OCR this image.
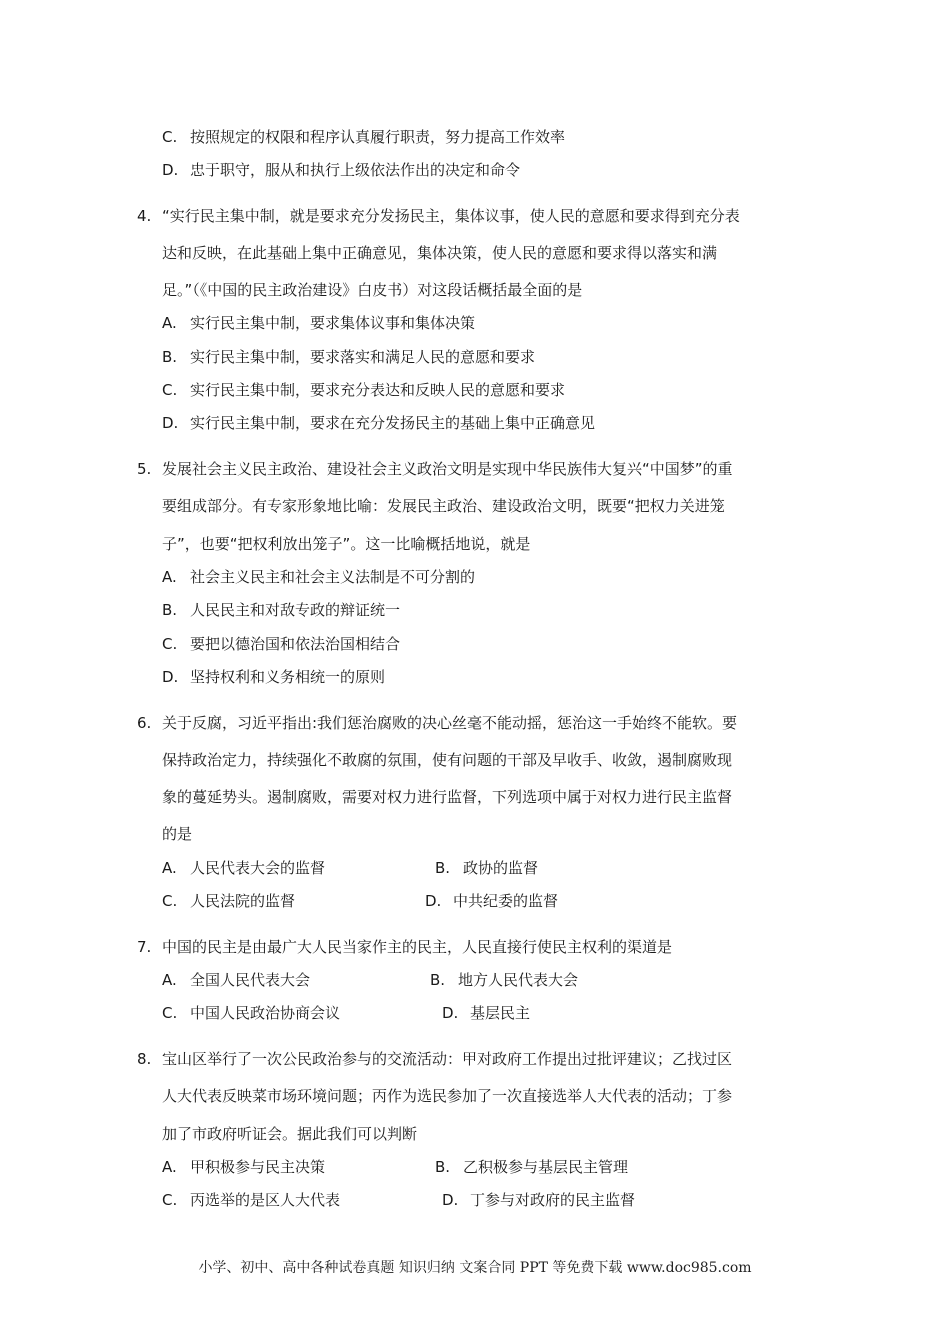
C. 按照规定的权限和程序认真履行职责，努力提高工作效率
D. 忠于职守，服从和执行上级依法作出的决定和命令
4. “实行民主集中制，就是要求充分发扬民主，集体议事，使人民的意愿和要求得到充分表
达和反映，在此基础上集中正确意见，集体决策，使人民的意愿和要求得以落实和满
足。”（《中国的民主政治建设》白皮书）对这段话概括最全面的是
A. 实行民主集中制，要求集体议事和集体决策
B. 实行民主集中制，要求落实和满足人民的意愿和要求
C. 实行民主集中制，要求充分表达和反映人民的意愿和要求
D. 实行民主集中制，要求在充分发扬民主的基础上集中正确意见
5. 发展社会主义民主政治、建设社会主义政治文明是实现中华民族伟大复兴“中国梦”的重
要组成部分。有专家形象地比喻：发展民主政治、建设政治文明，既要“把权力关进笼
子”，也要“把权利放出笼子”。这一比喻概括地说，就是
A. 社会主义民主和社会主义法制是不可分割的
B. 人民民主和对敌专政的辩证统一
C. 要把以德治国和依法治国相结合
D. 坚持权利和义务相统一的原则
6. 关于反腐，习近平指出:我们惩治腐败的决心丝毫不能动摇，惩治这一手始终不能软。要
保持政治定力，持续强化不敢腐的氛围，使有问题的干部及早收手、收敛，遏制腐败现
象的蔓延势头。遏制腐败，需要对权力进行监督，下列选项中属于对权力进行民主监督
的是
A. 人民代表大会的监督	B. 政协的监督
C. 人民法院的监督	D. 中共纪委的监督
7. 中国的民主是由最广大人民当家作主的民主，人民直接行使民主权利的渠道是
A. 全国人民代表大会	B. 地方人民代表大会
C. 中国人民政治协商会议	D. 基层民主
8. 宝山区举行了一次公民政治参与的交流活动：甲对政府工作提出过批评建议；乙找过区
人大代表反映菜市场环境问题；丙作为选民参加了一次直接选举人大代表的活动；丁参
加了市政府听证会。据此我们可以判断
A. 甲积极参与民主决策	B. 乙积极参与基层民主管理
C. 丙选举的是区人大代表	D. 丁参与对政府的民主监督
小学、初中、高中各种试卷真题 知识归纳 文案合同 PPT 等免费下载 www.doc985.com
